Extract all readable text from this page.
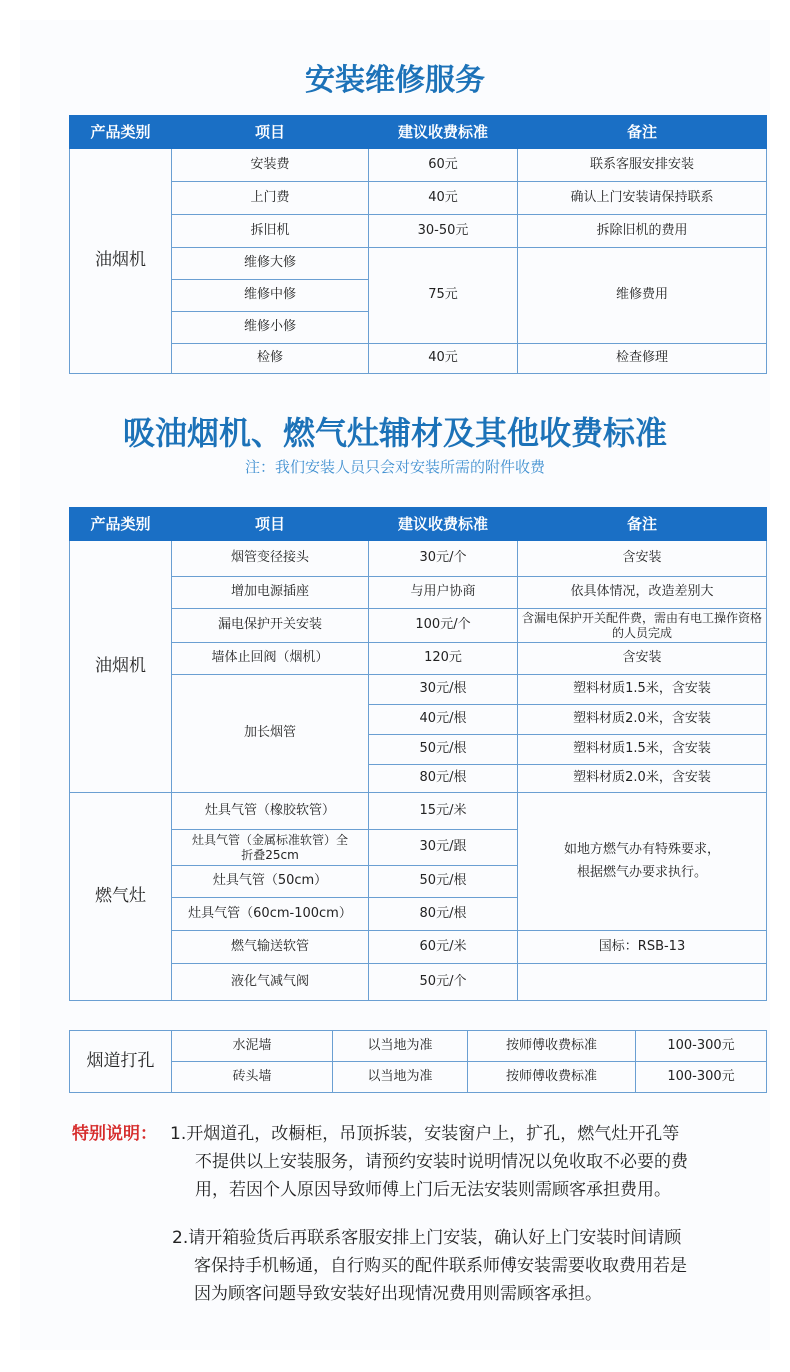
安装维修服务
产品类别	项目	建议收费标准	备注
油烟机	安装费	60元	联系客服安排安装
	上门费	40元	确认上门安装请保持联系
	拆旧机	30-50元	拆除旧机的费用
	维修大修	75元	维修费用
	维修中修		
	维修小修		
	检修	40元	检查修理
吸油烟机、燃气灶辅材及其他收费标准
注：我们安装人员只会对安装所需的附件收费
产品类别	项目	建议收费标准	备注
油烟机	烟管变径接头	30元/个	含安装
	增加电源插座	与用户协商	依具体情况，改造差别大
	漏电保护开关安装	100元/个	含漏电保护开关配件费，需由有电工操作资格的人员完成
	墙体止回阀（烟机）	120元	含安装
	加长烟管	30元/根	塑料材质1.5米，含安装
		40元/根	塑料材质2.0米，含安装
		50元/根	塑料材质1.5米，含安装
		80元/根	塑料材质2.0米，含安装
燃气灶	灶具气管（橡胶软管）	15元/米	如地方燃气办有特殊要求，根据燃气办要求执行。
	灶具气管（金属标准软管）全折叠25cm	30元/跟	
	灶具气管（50cm）	50元/根	
	灶具气管（60cm-100cm）	80元/根	
	燃气输送软管	60元/米	国标：RSB-13
	液化气减气阀	50元/个	
烟道打孔	水泥墙	以当地为准	按师傅收费标准	100-300元
	砖头墙	以当地为准	按师傅收费标准	100-300元
特别说明： 1.开烟道孔，改橱柜，吊顶拆装，安装窗户上，扩孔，燃气灶开孔等
不提供以上安装服务，请预约安装时说明情况以免收取不必要的费
用，若因个人原因导致师傅上门后无法安装则需顾客承担费用。
2.请开箱验货后再联系客服安排上门安装，确认好上门安装时间请顾
客保持手机畅通，自行购买的配件联系师傅安装需要收取费用若是
因为顾客问题导致安装好出现情况费用则需顾客承担。
